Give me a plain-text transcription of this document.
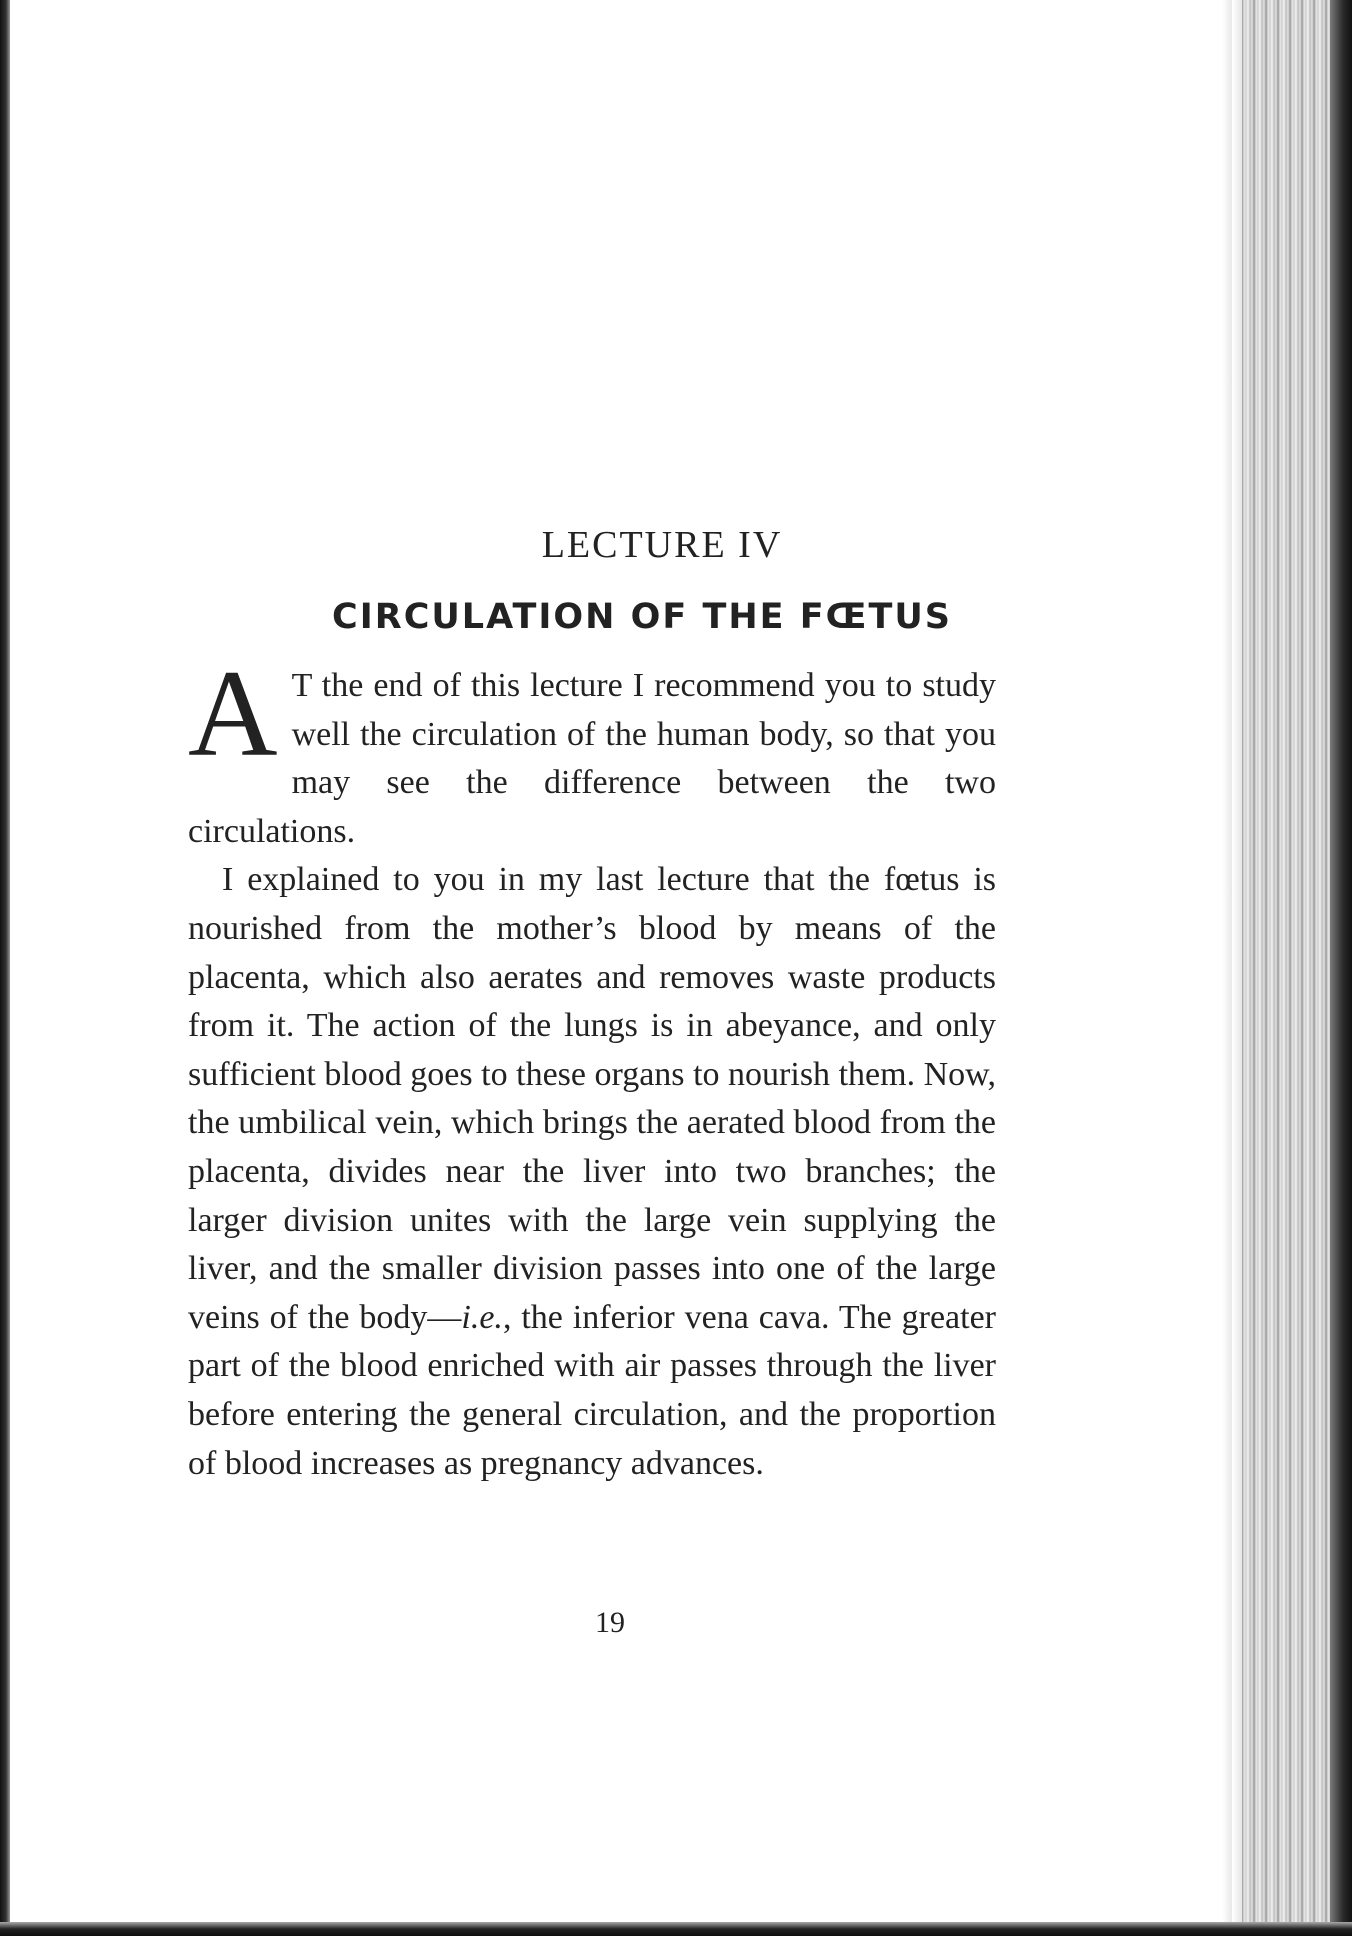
LECTURE IV
CIRCULATION OF THE FŒTUS

A T the end of this lecture I recommend you to study well the circulation of the human body, so that you may see the difference between the two circulations.

I explained to you in my last lecture that the fœtus is nourished from the mother’s blood by means of the placenta, which also aerates and removes waste products from it. The action of the lungs is in abeyance, and only sufficient blood goes to these organs to nourish them. Now, the umbilical vein, which brings the aerated blood from the placenta, divides near the liver into two branches; the larger division unites with the large vein supplying the liver, and the smaller division passes into one of the large veins of the body—i.e., the inferior vena cava. The greater part of the blood enriched with air passes through the liver before entering the general circulation, and the proportion of blood increases as pregnancy advances.

19
